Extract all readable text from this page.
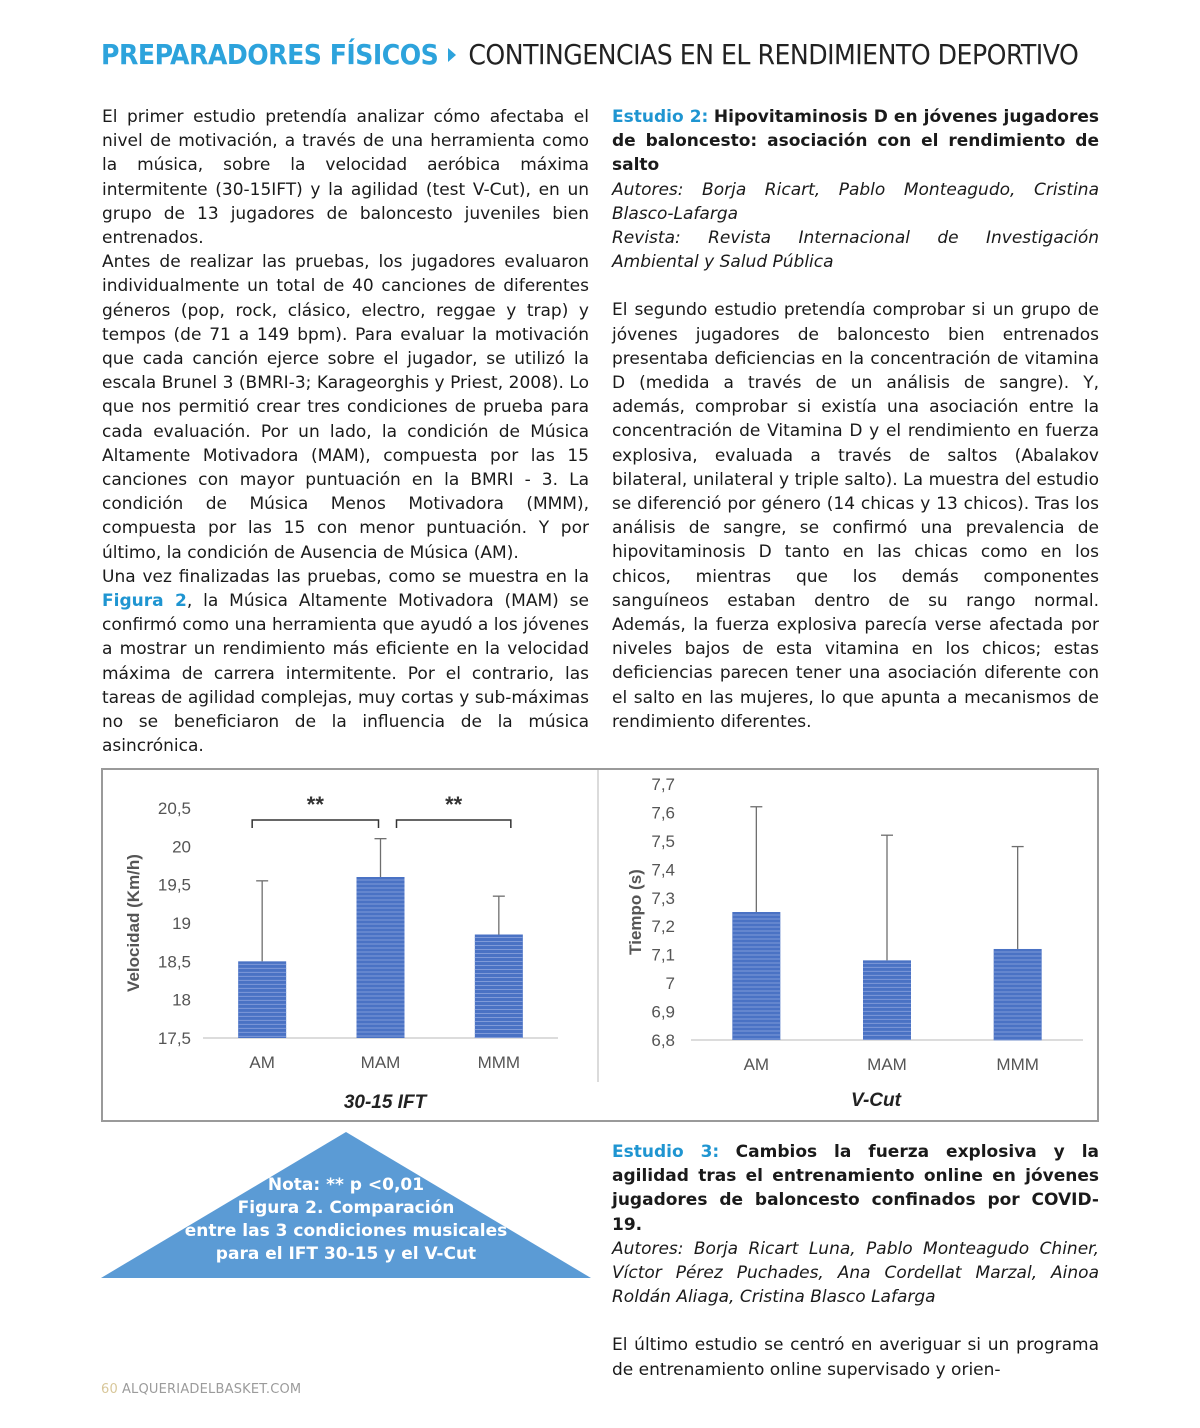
PREPARADORES FÍSICOS CONTINGENCIAS EN EL RENDIMIENTO DEPORTIVO

El primer estudio pretendía analizar cómo afectaba el nivel de motivación, a través de una herramienta como la música, sobre la velocidad aeróbica máxima intermitente (30-15IFT) y la agilidad (test V-Cut), en un grupo de 13 jugadores de baloncesto juveniles bien entrenados.

Antes de realizar las pruebas, los jugadores evaluaron individualmente un total de 40 canciones de diferentes géneros (pop, rock, clásico, electro, reggae y trap) y tempos (de 71 a 149 bpm). Para evaluar la motivación que cada canción ejerce sobre el jugador, se utilizó la escala Brunel 3 (BMRI-3; Karageorghis y Priest, 2008). Lo que nos permitió crear tres condiciones de prueba para cada evaluación. Por un lado, la condición de Música Altamente Motivadora (MAM), compuesta por las 15 canciones con mayor puntuación en la BMRI - 3. La condición de Música Menos Motivadora (MMM), compuesta por las 15 con menor puntuación. Y por último, la condición de Ausencia de Música (AM).

Una vez finalizadas las pruebas, como se muestra en la Figura 2, la Música Altamente Motivadora (MAM) se confirmó como una herramienta que ayudó a los jóvenes a mostrar un rendimiento más eficiente en la velocidad máxima de carrera intermitente. Por el contrario, las tareas de agilidad complejas, muy cortas y sub-máximas no se beneficiaron de la influencia de la música asincrónica.

Estudio 2: Hipovitaminosis D en jóvenes jugadores de baloncesto: asociación con el rendimiento de salto

Autores: Borja Ricart, Pablo Monteagudo, Cristina Blasco-Lafarga

Revista: Revista Internacional de Investigación Ambiental y Salud Pública

El segundo estudio pretendía comprobar si un grupo de jóvenes jugadores de baloncesto bien entrenados presentaba deficiencias en la concentración de vitamina D (medida a través de un análisis de sangre). Y, además, comprobar si existía una asociación entre la concentración de Vitamina D y el rendimiento en fuerza explosiva, evaluada a través de saltos (Abalakov bilateral, unilateral y triple salto). La muestra del estudio se diferenció por género (14 chicas y 13 chicos). Tras los análisis de sangre, se confirmó una prevalencia de hipovitaminosis D tanto en las chicas como en los chicos, mientras que los demás componentes sanguíneos estaban dentro de su rango normal. Además, la fuerza explosiva parecía verse afectada por niveles bajos de esta vitamina en los chicos; estas deficiencias parecen tener una asociación diferente con el salto en las mujeres, lo que apunta a mecanismos de rendimiento diferentes.

17,5
18
18,5
19
19,5
20
20,5
Velocidad (Km/h)
AM	MAM	MMM
**	**
30-15 IFT
6,8
6,9
7
7,1
7,2
7,3
7,4
7,5
7,6
7,7
Tiempo (s)
AM	MAM	MMM
V-Cut
Nota: ** p <0,01
Figura 2. Comparación
entre las 3 condiciones musicales
para el IFT 30-15 y el V-Cut

Estudio 3: Cambios la fuerza explosiva y la agilidad tras el entrenamiento online en jóvenes jugadores de baloncesto confinados por COVID-19.

Autores: Borja Ricart Luna, Pablo Monteagudo Chiner, Víctor Pérez Puchades, Ana Cordellat Marzal, Ainoa Roldán Aliaga, Cristina Blasco Lafarga

El último estudio se centró en averiguar si un programa de entrenamiento online supervisado y orien-

60 ALQUERIADELBASKET.COM
